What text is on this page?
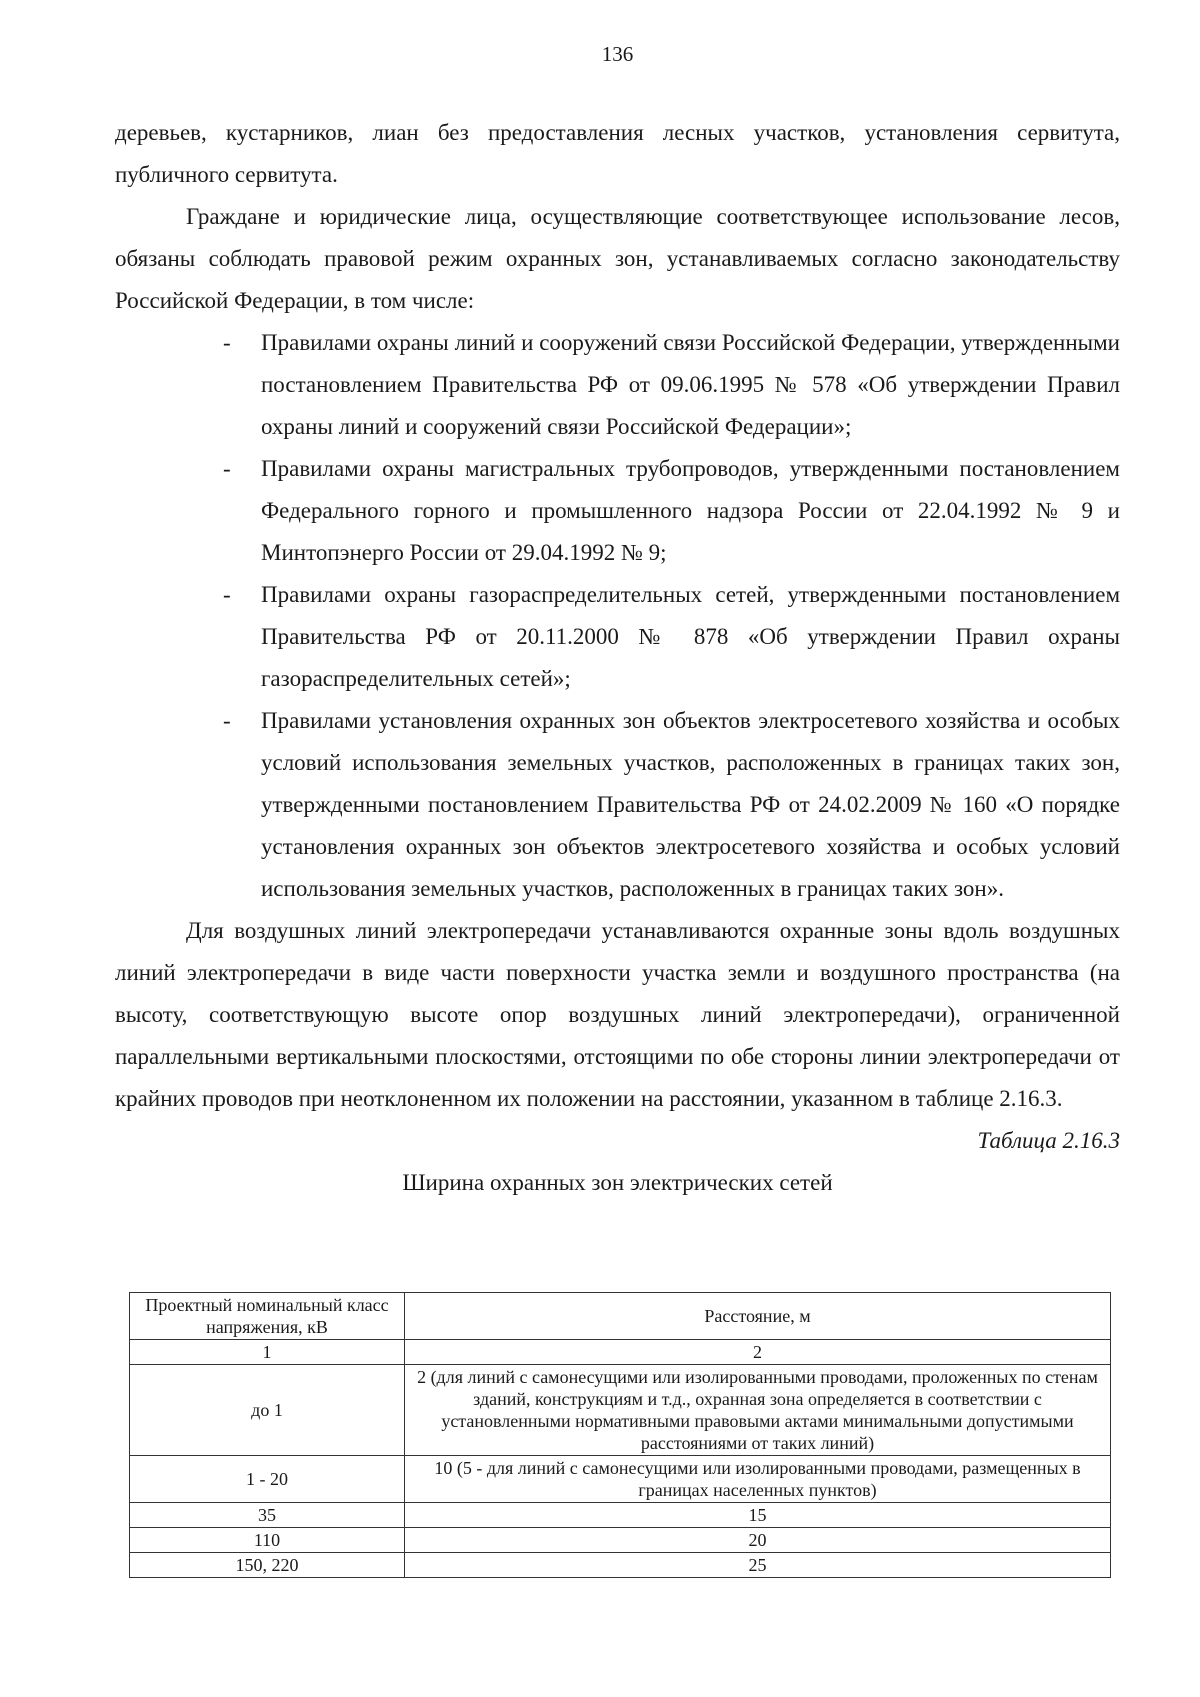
136

деревьев, кустарников, лиан без предоставления лесных участков, установления сервитута, публичного сервитута.

Граждане и юридические лица, осуществляющие соответствующее использование лесов, обязаны соблюдать правовой режим охранных зон, устанавливаемых согласно законодательству Российской Федерации, в том числе:

- Правилами охраны линий и сооружений связи Российской Федерации, утвержденными постановлением Правительства РФ от 09.06.1995 № 578 «Об утверждении Правил охраны линий и сооружений связи Российской Федерации»;
- Правилами охраны магистральных трубопроводов, утвержденными постановлением Федерального горного и промышленного надзора России от 22.04.1992 № 9 и Минтопэнерго России от 29.04.1992 № 9;
- Правилами охраны газораспределительных сетей, утвержденными постановлением Правительства РФ от 20.11.2000 № 878 «Об утверждении Правил охраны газораспределительных сетей»;
- Правилами установления охранных зон объектов электросетевого хозяйства и особых условий использования земельных участков, расположенных в границах таких зон, утвержденными постановлением Правительства РФ от 24.02.2009 № 160 «О порядке установления охранных зон объектов электросетевого хозяйства и особых условий использования земельных участков, расположенных в границах таких зон».

Для воздушных линий электропередачи устанавливаются охранные зоны вдоль воздушных линий электропередачи в виде части поверхности участка земли и воздушного пространства (на высоту, соответствующую высоте опор воздушных линий электропередачи), ограниченной параллельными вертикальными плоскостями, отстоящими по обе стороны линии электропередачи от крайних проводов при неотклоненном их положении на расстоянии, указанном в таблице 2.16.3.

Таблица 2.16.3
Ширина охранных зон электрических сетей
Проектный номинальный класс напряжения, кВ	Расстояние, м
1	2
до 1	2 (для линий с самонесущими или изолированными проводами, проложенных по стенам зданий, конструкциям и т.д., охранная зона определяется в соответствии с установленными нормативными правовыми актами минимальными допустимыми расстояниями от таких линий)
1 - 20	10 (5 - для линий с самонесущими или изолированными проводами, размещенных в границах населенных пунктов)
35	15
110	20
150, 220	25
